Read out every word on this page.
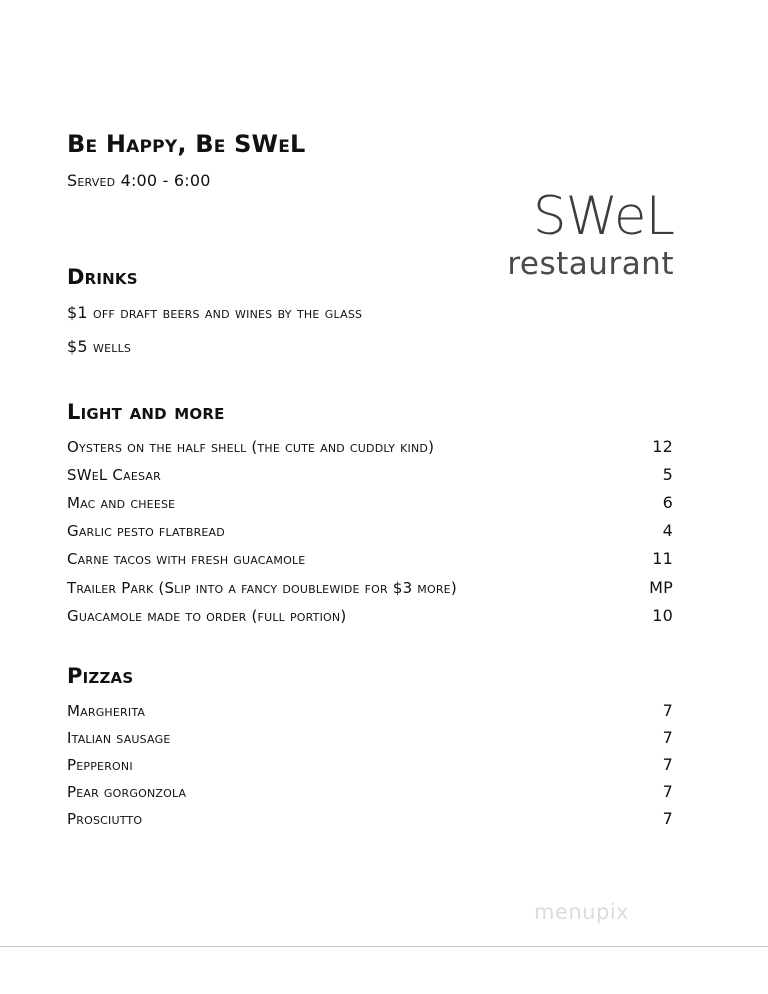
Be Happy, Be SWeL
Served 4:00 - 6:00
SWeL
restaurant
Drinks
$1 off draft beers and wines by the glass
$5 wells
Light and more
Oysters on the half shell (the cute and cuddly kind)	12
SWeL Caesar	5
Mac and cheese	6
Garlic pesto flatbread	4
Carne tacos with fresh guacamole	11
Trailer Park (Slip into a fancy doublewide for $3 more)	MP
Guacamole made to order (full portion)	10
Pizzas
Margherita	7
Italian sausage	7
Pepperoni	7
Pear gorgonzola	7
Prosciutto	7
menupix
